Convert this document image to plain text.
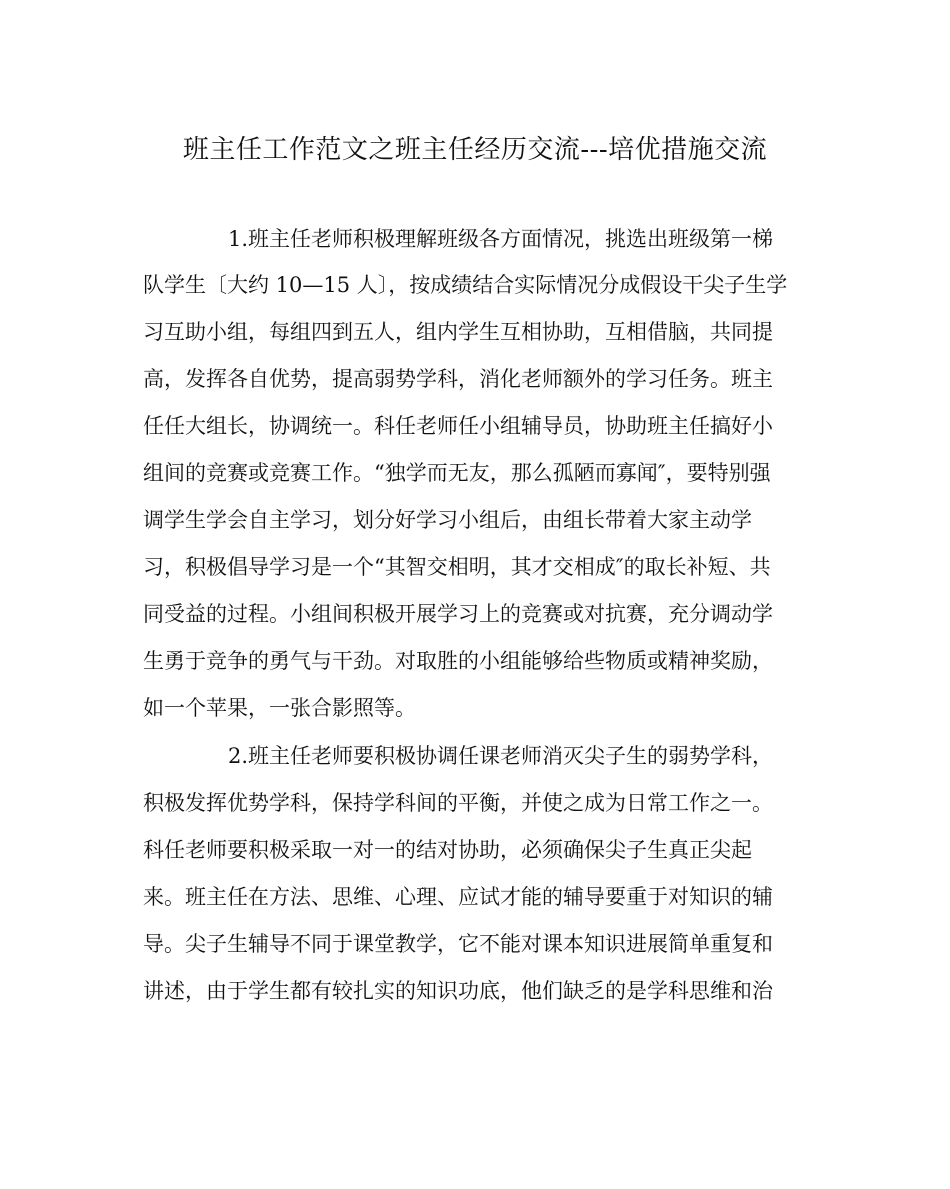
班主任工作范文之班主任经历交流---培优措施交流
1.班主任老师积极理解班级各方面情况，挑选出班级第一梯
队学生〔大约 10—15 人〕，按成绩结合实际情况分成假设干尖子生学
习互助小组，每组四到五人，组内学生互相协助，互相借脑，共同提
高，发挥各自优势，提高弱势学科，消化老师额外的学习任务。班主
任任大组长，协调统一。科任老师任小组辅导员，协助班主任搞好小
组间的竞赛或竞赛工作。“独学而无友，那么孤陋而寡闻″，要特别强
调学生学会自主学习，划分好学习小组后，由组长带着大家主动学
习，积极倡导学习是一个“其智交相明，其才交相成″的取长补短、共
同受益的过程。小组间积极开展学习上的竞赛或对抗赛，充分调动学
生勇于竞争的勇气与干劲。对取胜的小组能够给些物质或精神奖励，
如一个苹果，一张合影照等。
2.班主任老师要积极协调任课老师消灭尖子生的弱势学科，
积极发挥优势学科，保持学科间的平衡，并使之成为日常工作之一。
科任老师要积极采取一对一的结对协助，必须确保尖子生真正尖起
来。班主任在方法、思维、心理、应试才能的辅导要重于对知识的辅
导。尖子生辅导不同于课堂教学，它不能对课本知识进展简单重复和
讲述，由于学生都有较扎实的知识功底，他们缺乏的是学科思维和治
